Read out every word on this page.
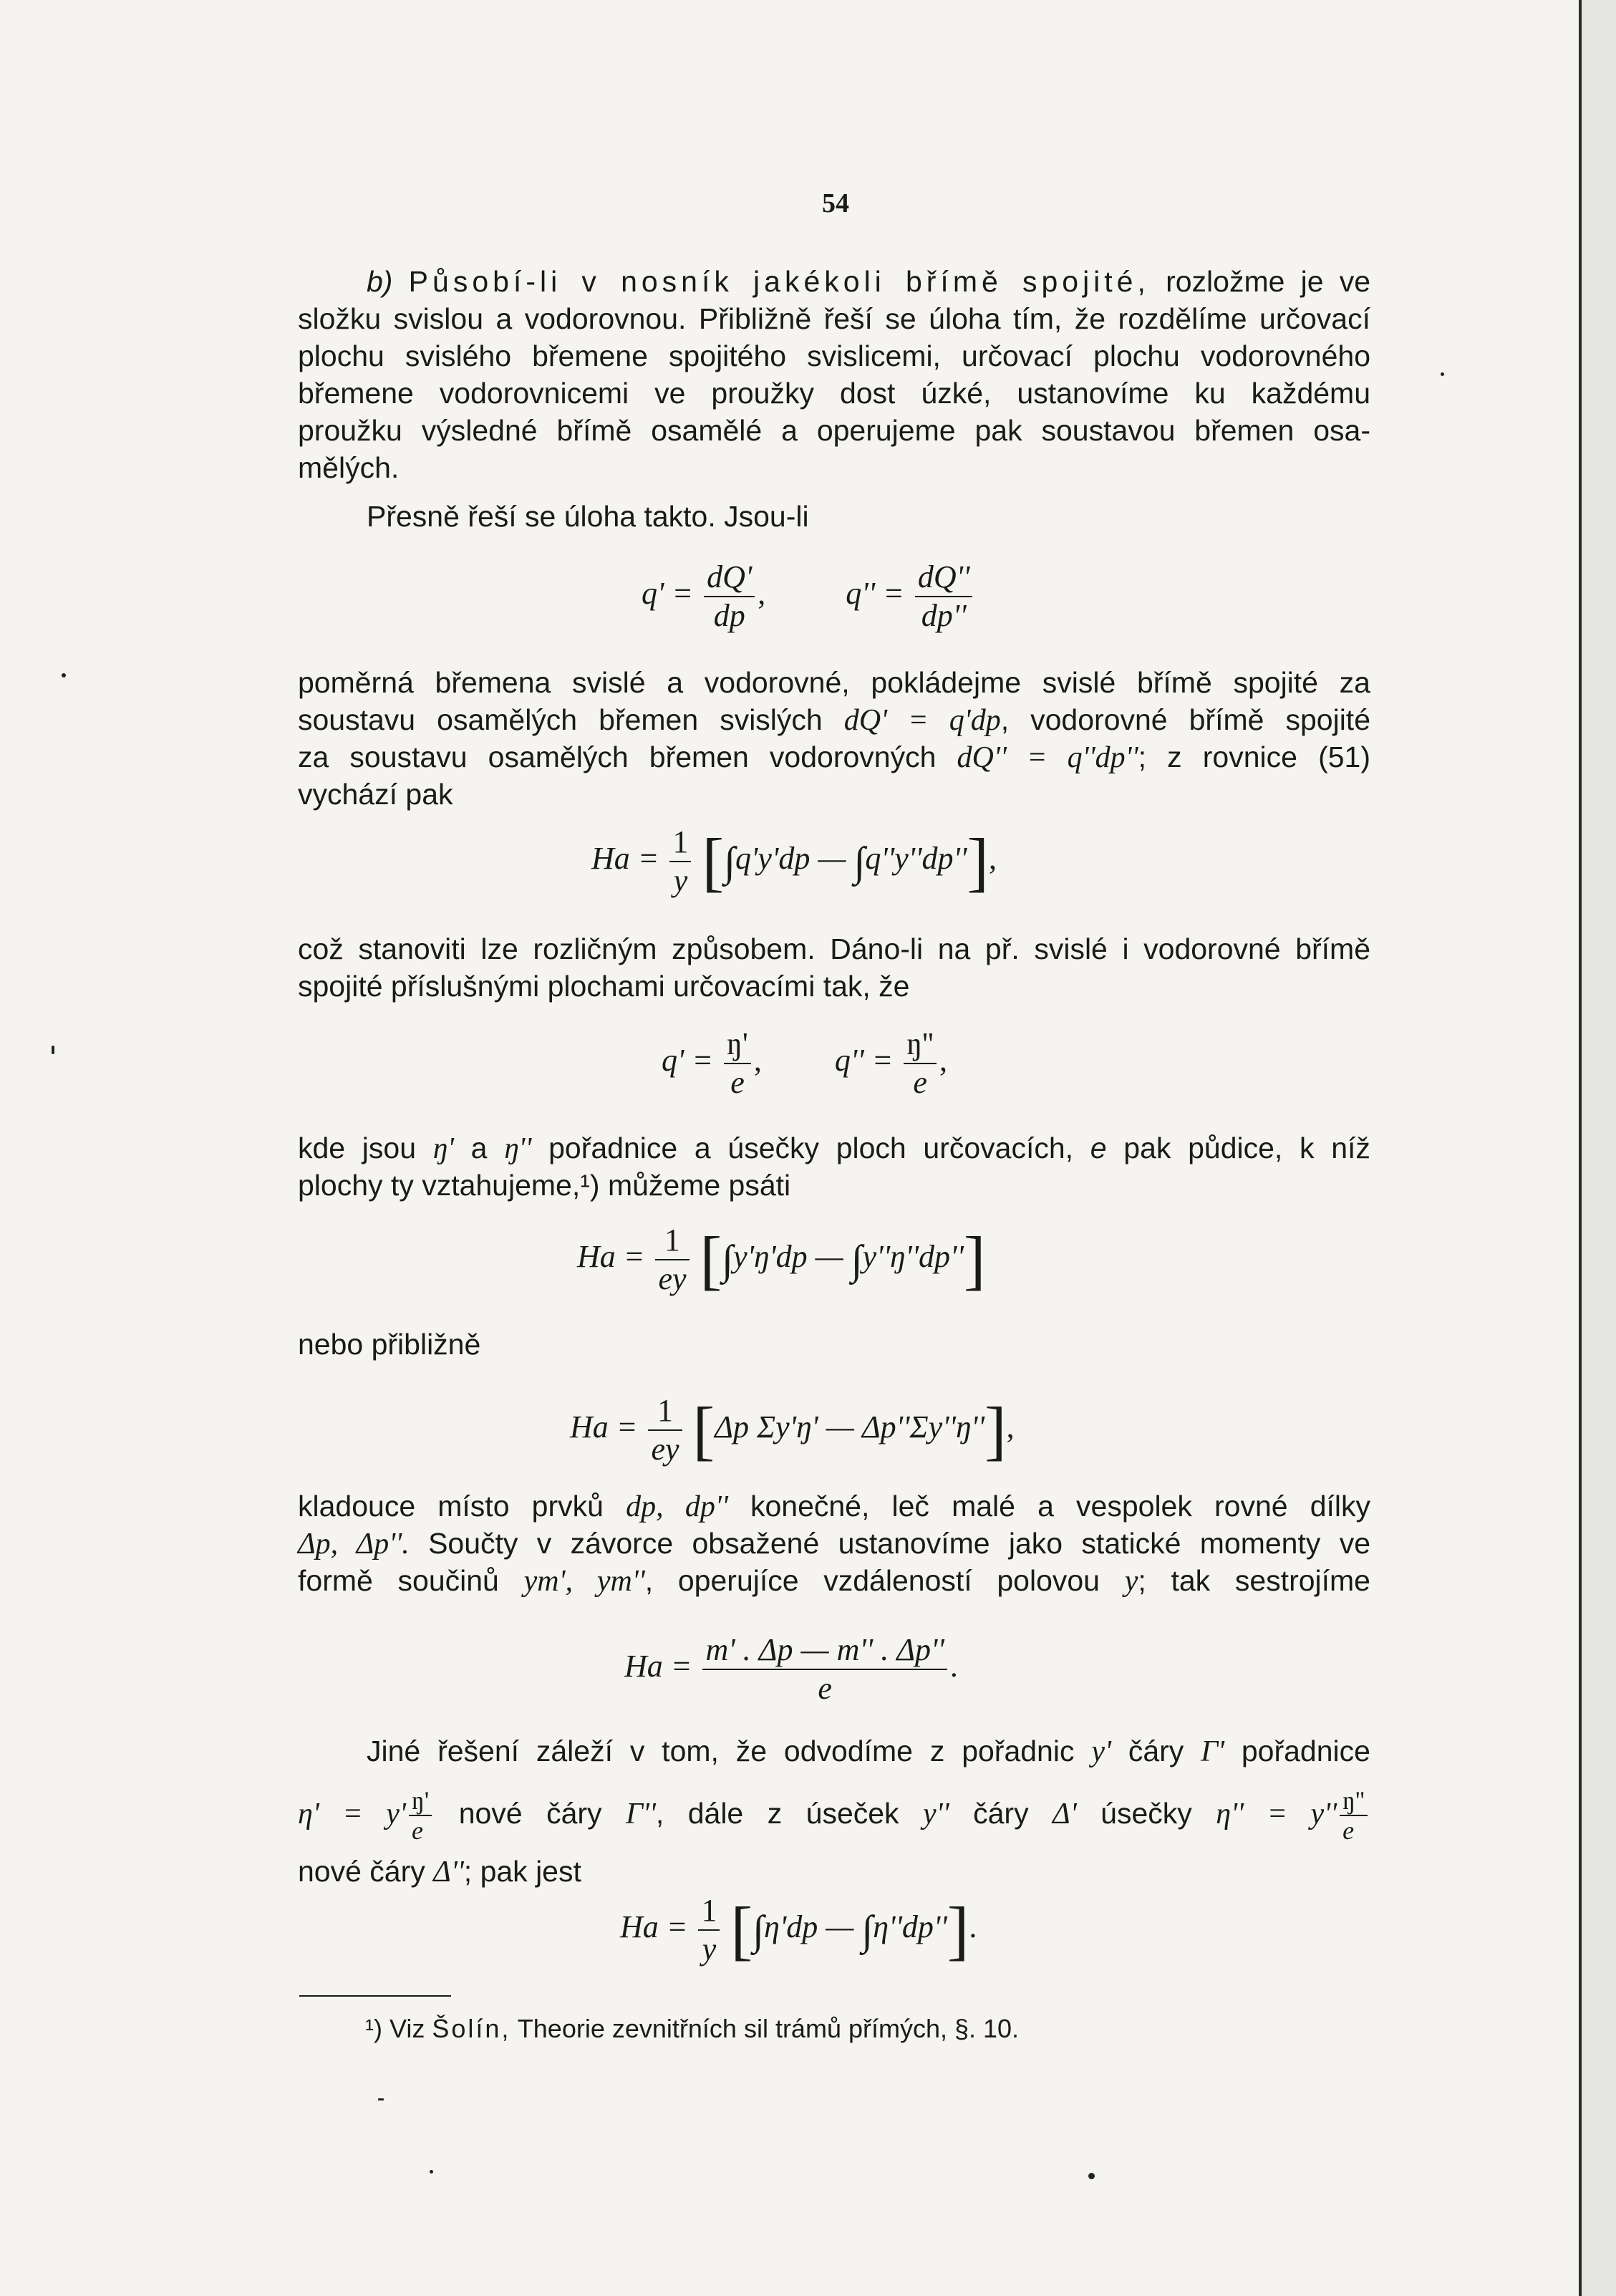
54
b) Působí-li v nosník jakékoli břímě spojité, rozložme je ve
složku svislou a vodorovnou. Přibližně řeší se úloha tím, že rozdělíme určovací
plochu svislého břemene spojitého svislicemi, určovací plochu vodorovného
břemene vodorovnicemi ve proužky dost úzké, ustanovíme ku každému
proužku výsledné břímě osamělé a operujeme pak soustavou břemen osa-
mělých.
Přesně řeší se úloha takto. Jsou-li
$q' = \frac{dQ'}{dp}$ ,	$q'' = \frac{dQ''}{dp''}$
poměrná břemena svislé a vodorovné, pokládejme svislé břímě spojité za
soustavu osamělých břemen svislých dQ' = q'dp, vodorovné břímě spojité
za soustavu osamělých břemen vodorovných dQ'' = q''dp''; z rovnice (51)
vychází pak
$Ha = \frac{1}{y} [\int q'y'dp$ — ∫q''y''dp''],
což stanoviti lze rozličným způsobem. Dáno-li na př. svislé i vodorovné břímě
spojité příslušnými plochami určovacími tak, že
$q' = \frac{ŋ'}{e}$ , $q'' = \frac{ŋ''}{e}$ ,
kde jsou ŋ' a ŋ'' pořadnice a úsečky ploch určovacích, e pak půdice, k níž
plochy ty vztahujeme,¹) můžeme psáti
$Ha = \frac{1}{ey}$ [∫y'ŋ'dp — ∫y''ŋ''dp'']
nebo přibližně
$Ha = \frac{1}{ey} [\Delta p$ Σy'ŋ' — Δp''Σy''ŋ''],
kladouce místo prvků dp, dp'' konečné, leč malé a vespolek rovné dílky
Δp, Δp''. Součty v závorce obsažené ustanovíme jako statické momenty ve
formě součinů ym', ym'', operujíce vzdáleností polovou y; tak sestrojíme
$Ha = \frac{m' . \Delta p — m'' . \Delta p''}{e}$ .
Jiné řešení záleží v tom, že odvodíme z pořadnic y' čáry Γ' pořadnice
$\eta' = y' \frac{ŋ'}{e}$ nové čáry Γ'', dále z úseček y'' čáry Δ' úsečky $\eta'' = y'' \frac{ŋ''}{e}$
nové čáry Δ''; pak jest
$Ha = \frac{1}{y} [\int\eta'dp$ — ∫η''dp''].
¹) Viz Šolín, Theorie zevnitřních sil trámů přímých, §. 10.
